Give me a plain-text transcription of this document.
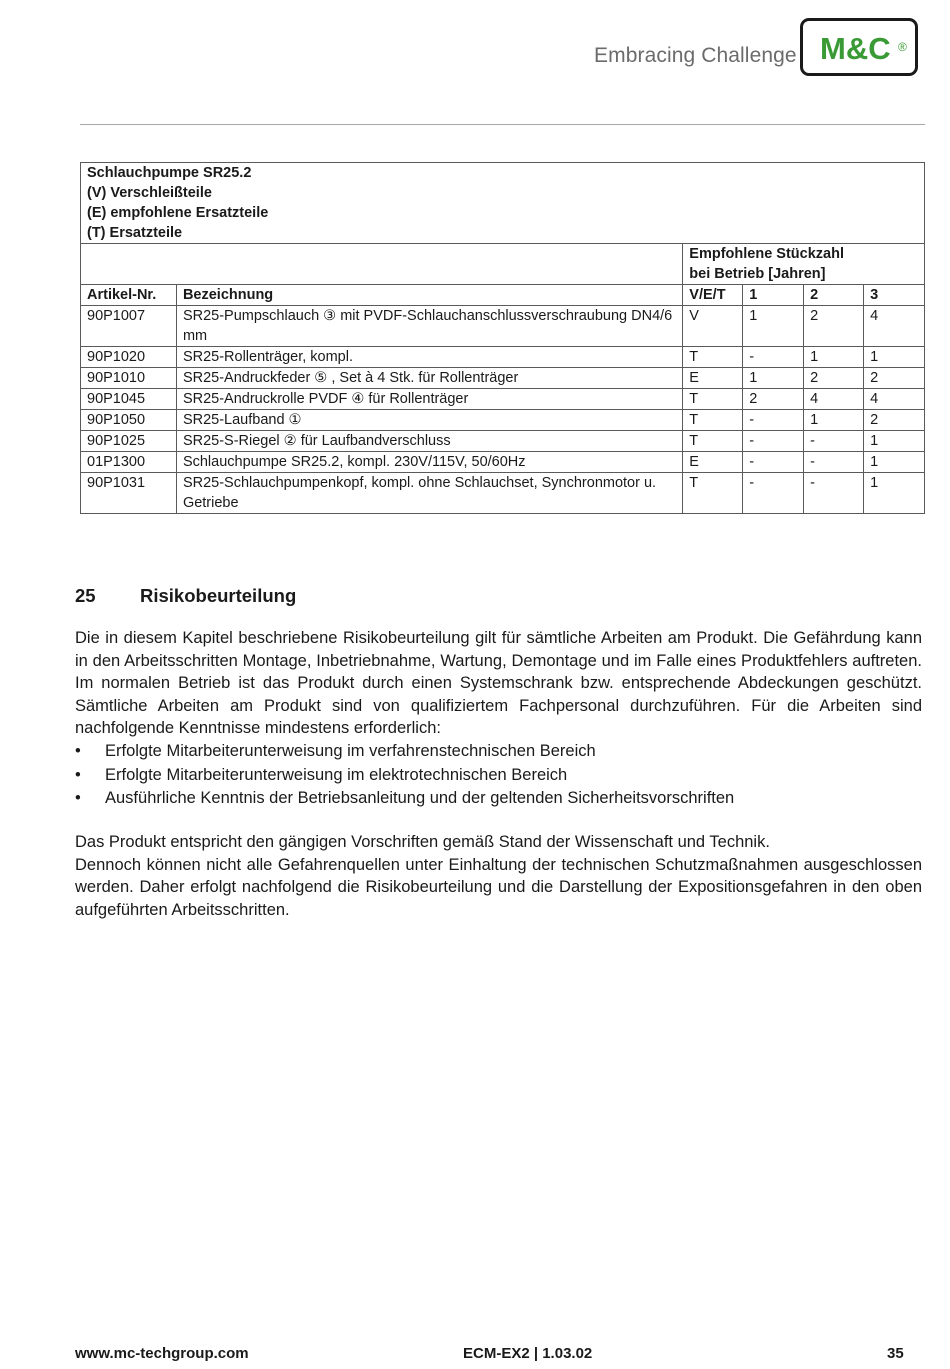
Embracing Challenge M&C ®
Schlauchpumpe SR25.2
(V) Verschleißteile
(E) empfohlene Ersatzteile
(T) Ersatzteile					

		Empfohlene Stückzahl
bei Betrieb [Jahren]			

Artikel-Nr.	Bezeichnung	V/E/T	1	2	3
90P1007	SR25-Pumpschlauch ③ mit PVDF-Schlauchanschlussverschraubung DN4/6 mm	V	1	2	4
90P1020	SR25-Rollenträger, kompl.	T	-	1	1
90P1010	SR25-Andruckfeder ⑤ , Set à 4 Stk. für Rollenträger	E	1	2	2
90P1045	SR25-Andruckrolle PVDF ④ für Rollenträger	T	2	4	4
90P1050	SR25-Laufband ①	T	-	1	2
90P1025	SR25-S-Riegel ② für Laufbandverschluss	T	-	-	1
01P1300	Schlauchpumpe SR25.2, kompl. 230V/115V, 50/60Hz	E	-	-	1
90P1031	SR25-Schlauchpumpenkopf, kompl. ohne Schlauchset, Synchronmotor u. Getriebe	T	-	-	1
25 Risikobeurteilung
Die in diesem Kapitel beschriebene Risikobeurteilung gilt für sämtliche Arbeiten am Produkt. Die Gefährdung kann in den Arbeitsschritten Montage, Inbetriebnahme, Wartung, Demontage und im Falle eines Produktfehlers auftreten. Im normalen Betrieb ist das Produkt durch einen Systemschrank bzw. entsprechende Abdeckungen geschützt. Sämtliche Arbeiten am Produkt sind von qualifiziertem Fachpersonal durchzuführen. Für die Arbeiten sind nachfolgende Kenntnisse mindestens erforderlich:
• Erfolgte Mitarbeiterunterweisung im verfahrenstechnischen Bereich
• Erfolgte Mitarbeiterunterweisung im elektrotechnischen Bereich
• Ausführliche Kenntnis der Betriebsanleitung und der geltenden Sicherheitsvorschriften
Das Produkt entspricht den gängigen Vorschriften gemäß Stand der Wissenschaft und Technik.
Dennoch können nicht alle Gefahrenquellen unter Einhaltung der technischen Schutzmaßnahmen ausgeschlossen werden. Daher erfolgt nachfolgend die Risikobeurteilung und die Darstellung der Expositionsgefahren in den oben aufgeführten Arbeitsschritten.
www.mc-techgroup.com	ECM-EX2 | 1.03.02	35
